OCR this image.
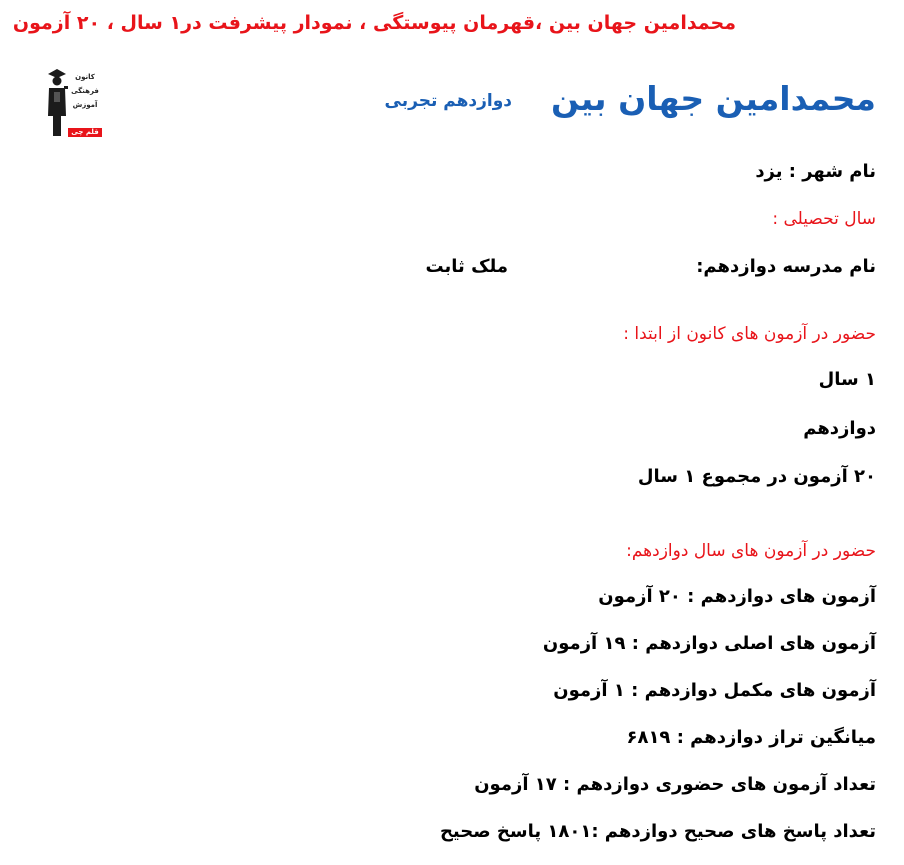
محمدامین جهان بین ،قهرمان پیوستگی ، نمودار پیشرفت در۱ سال ، ۲۰ آزمون
کانون
فرهنگی
آموزش
قلم چی
محمدامین جهان بین
دوازدهم تجربی
نام شهر : یزد
سال تحصیلی :
نام مدرسه دوازدهم:
ملک ثابت
حضور در آزمون های کانون از ابتدا :
۱ سال
دوازدهم
۲۰ آزمون در مجموع ۱ سال
حضور در آزمون های سال دوازدهم:
آزمون های دوازدهم : ۲۰ آزمون
آزمون های اصلی دوازدهم : ۱۹ آزمون
آزمون های مکمل دوازدهم : ۱ آزمون
میانگین تراز دوازدهم : ۶۸۱۹
تعداد آزمون های حضوری دوازدهم : ۱۷ آزمون
تعداد پاسخ های صحیح دوازدهم :۱۸۰۱ پاسخ صحیح
